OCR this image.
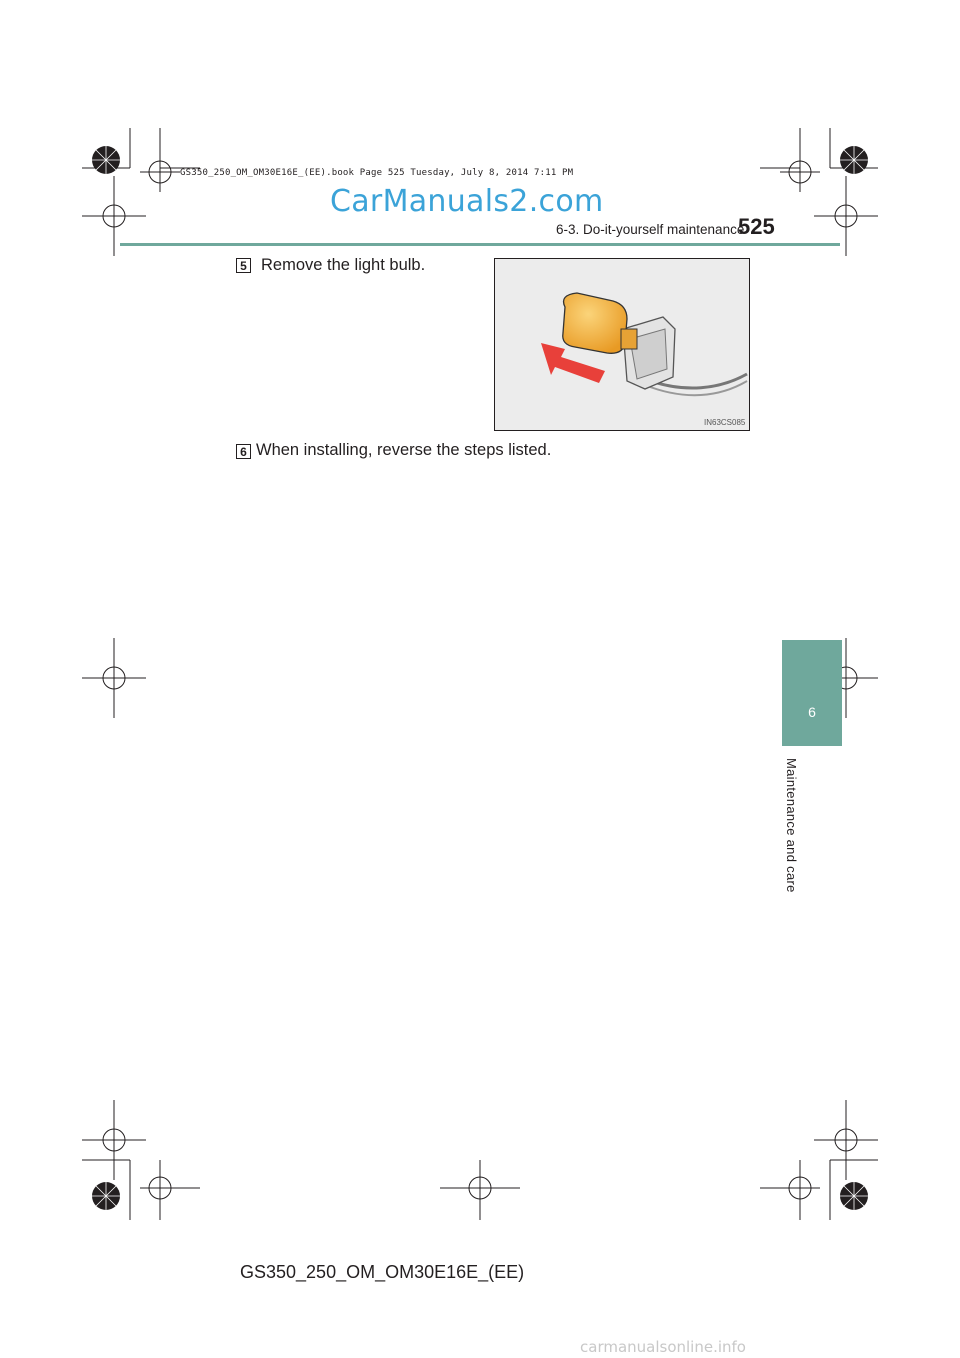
GS350_250_OM_OM30E16E_(EE).book Page 525 Tuesday, July 8, 2014 7:11 PM
CarManuals2.com
6-3. Do-it-yourself maintenance
525
5 Remove the light bulb.
IN63CS085
6 When installing, reverse the steps listed.
6
Maintenance and care
GS350_250_OM_OM30E16E_(EE)
carmanualsonline.info
